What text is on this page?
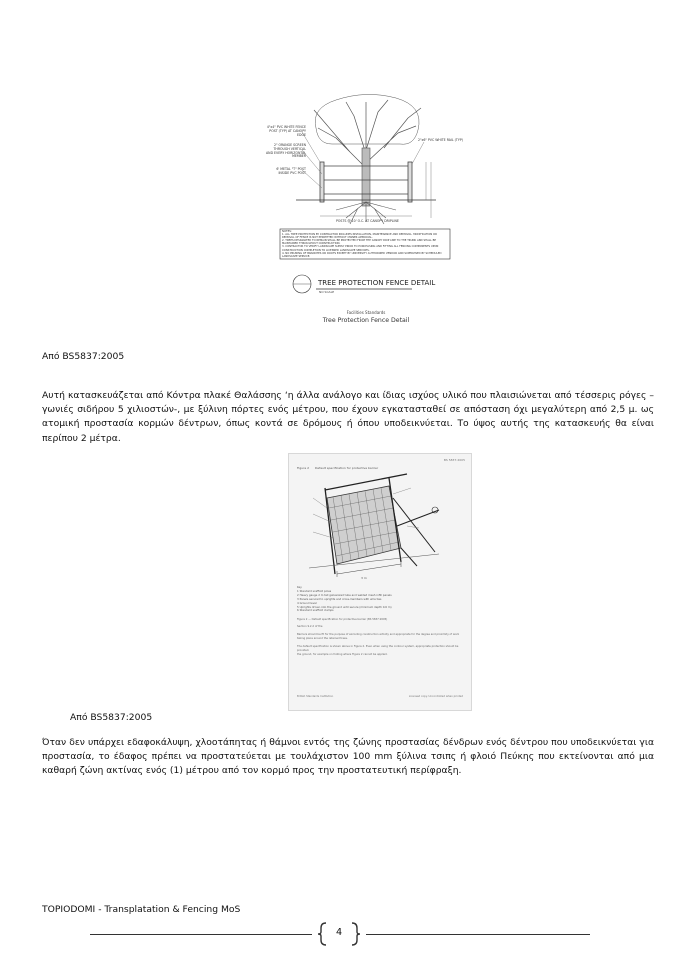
4"x4" PVC WHITE FENCE POST (TYP) AT CANOPY EDGE
2" ORANGE SCREEN THROUGH VERTICAL AND EVERY HORIZONTAL MEMBER
6' METAL "T" POST INSIDE PVC POST
2"x6" PVC WHITE RAIL (TYP)
POSTS @ 10' O.C. AT CANOPY DRIPLINE
NOTES:
1. ALL TREE PROTECTION BY CONTRACTOR INCLUDES INSTALLATION, MAINTENANCE AND REMOVAL. MODIFICATION OR REMOVAL OF FENCE IS NOT PERMITTED WITHOUT OWNER APPROVAL.
2. TREES DESIGNATED TO REMAIN SHALL BE PROTECTED FROM THE CANOPY DRIP LINE TO THE TRUNK AND SHALL BE MAINTAINED THROUGHOUT CONSTRUCTION.
3. CONTRACTOR TO VERIFY LANDSCAPE SUPPLY PRIOR TO PURCHASING AND FITTING ALL FENCING COMPONENTS UPON CONSTRUCTION COMPLETION TO LICENSED LANDSCAPE SERVICES.
4. NO PRUNING OF BRANCHES OR ROOTS EXCEPT BY UNIVERSITY AUTHORIZED VENDOR AND SUPERVISED BY SCHEDULED LANDSCAPE SERVICE.
TREE PROTECTION FENCE DETAIL
NO SCALE
Facilities Standards
Tree Protection Fence Detail
Από BS5837:2005
Αυτή κατασκευάζεται από Κόντρα πλακέ Θαλάσσης ‘η άλλα ανάλογο και ίδιας ισχύος υλικό που πλαισιώνεται από τέσσερις ρόγες – γωνιές σιδήρου 5 χιλιοστών-, με ξύλινη πόρτες ενός μέτρου, που έχουν εγκατασταθεί σε απόσταση όχι μεγαλύτερη από 2,5 μ. ως ατομική προστασία κορμών δέντρων, όπως κοντά σε δρόμους ή όπου υποδεικνύεται. Το ύψος αυτής της κατασκευής θα είναι περίπου 2 μέτρα.
BS 5837:2005
Figure 2 Default specification for protective barrier
3 m
Key
1 Standard scaffold poles
2 Heavy gauge 2 m tall galvanized tube and welded mesh infill panels
3 Panels secured to uprights and cross-members with wire ties
4 Ground level
5 Uprights driven into the ground until secure (minimum depth 0.6 m)
6 Standard scaffold clamps
Figure 2 — Default specification for protective barrier (BS 5837:2005)
Section 9.2.2 of the
Barriers should be fit for the purpose of excluding construction activity and appropriate for the degree and proximity of work taking place around the retained trees.
The default specification is shown above in Figure 2. Even when using the contour system, appropriate protection should be provided.
the ground, for example on footing where Figure 2 cannot be applied.
British Standards Institution	Licensed copy. Uncontrolled when printed
Από BS5837:2005
Όταν δεν υπάρχει εδαφοκάλυψη, χλοοτάπητας ή θάμνοι εντός της ζώνης προστασίας δένδρων ενός δέντρου που υποδεικνύεται για προστασία, το έδαφος πρέπει να προστατεύεται με τουλάχιστον 100 mm ξύλινα τσιπς ή φλοιό Πεύκης που εκτείνονται από μια καθαρή ζώνη ακτίνας ενός (1) μέτρου από τον κορμό προς την προστατευτική περίφραξη.
TOPIODOMI - Transplatation & Fencing MoS
4
